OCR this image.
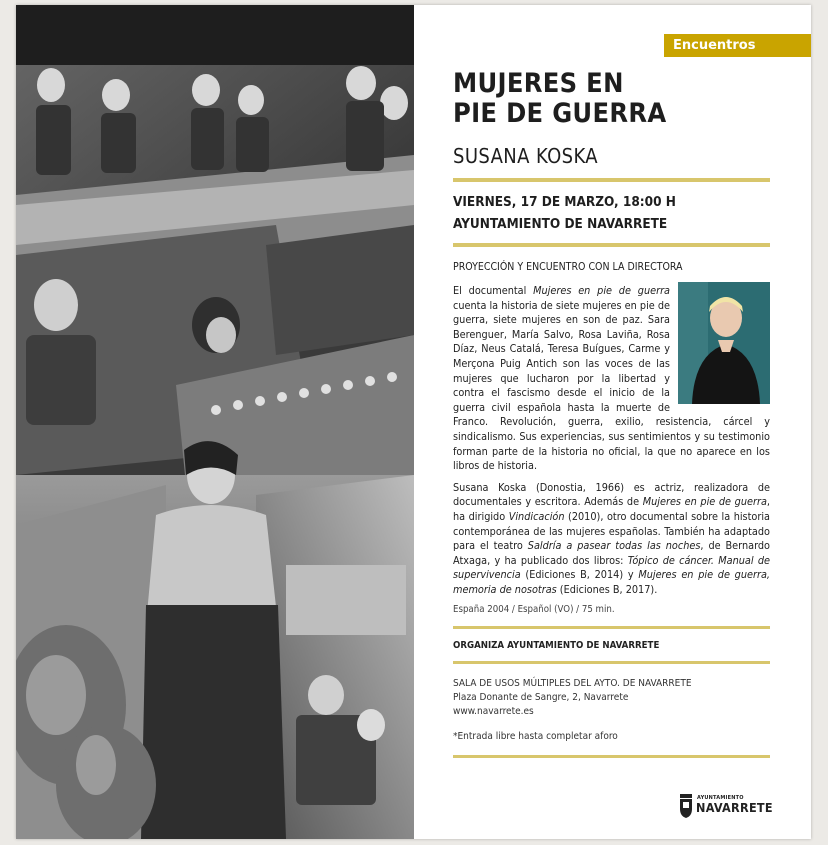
Encuentros
MUJERES EN
PIE DE GUERRA
SUSANA KOSKA
VIERNES, 17 DE MARZO, 18:00 H
AYUNTAMIENTO DE NAVARRETE
PROYECCIÓN Y ENCUENTRO CON LA DIRECTORA

El documental Mujeres en pie de guerra cuenta la historia de siete mujeres en pie de guerra, siete mujeres en son de paz. Sara Berenguer, María Salvo, Rosa Laviña, Rosa Díaz, Neus Catalá, Teresa Buígues, Carme y Merçona Puig Antich son las voces de las mujeres que lucharon por la libertad y contra el fascismo desde el inicio de la guerra civil española hasta la muerte de Franco. Revolución, guerra, exilio, resistencia, cárcel y sindicalismo. Sus experiencias, sus sentimientos y su testimonio forman parte de la historia no oficial, la que no aparece en los libros de historia.

Susana Koska (Donostia, 1966) es actriz, realizadora de documentales y escritora. Además de Mujeres en pie de guerra, ha dirigido Vindicación (2010), otro documental sobre la historia contemporánea de las mujeres españolas. También ha adaptado para el teatro Saldría a pasear todas las noches, de Bernardo Atxaga, y ha publicado dos libros: Tópico de cáncer. Manual de supervivencia (Ediciones B, 2014) y Mujeres en pie de guerra, memoria de nosotras (Ediciones B, 2017).

España 2004 / Español (VO) / 75 min.
ORGANIZA AYUNTAMIENTO DE NAVARRETE
SALA DE USOS MÚLTIPLES DEL AYTO. DE NAVARRETE
Plaza Donante de Sangre, 2, Navarrete
www.navarrete.es
*Entrada libre hasta completar aforo
AYUNTAMIENTO
NAVARRETE
